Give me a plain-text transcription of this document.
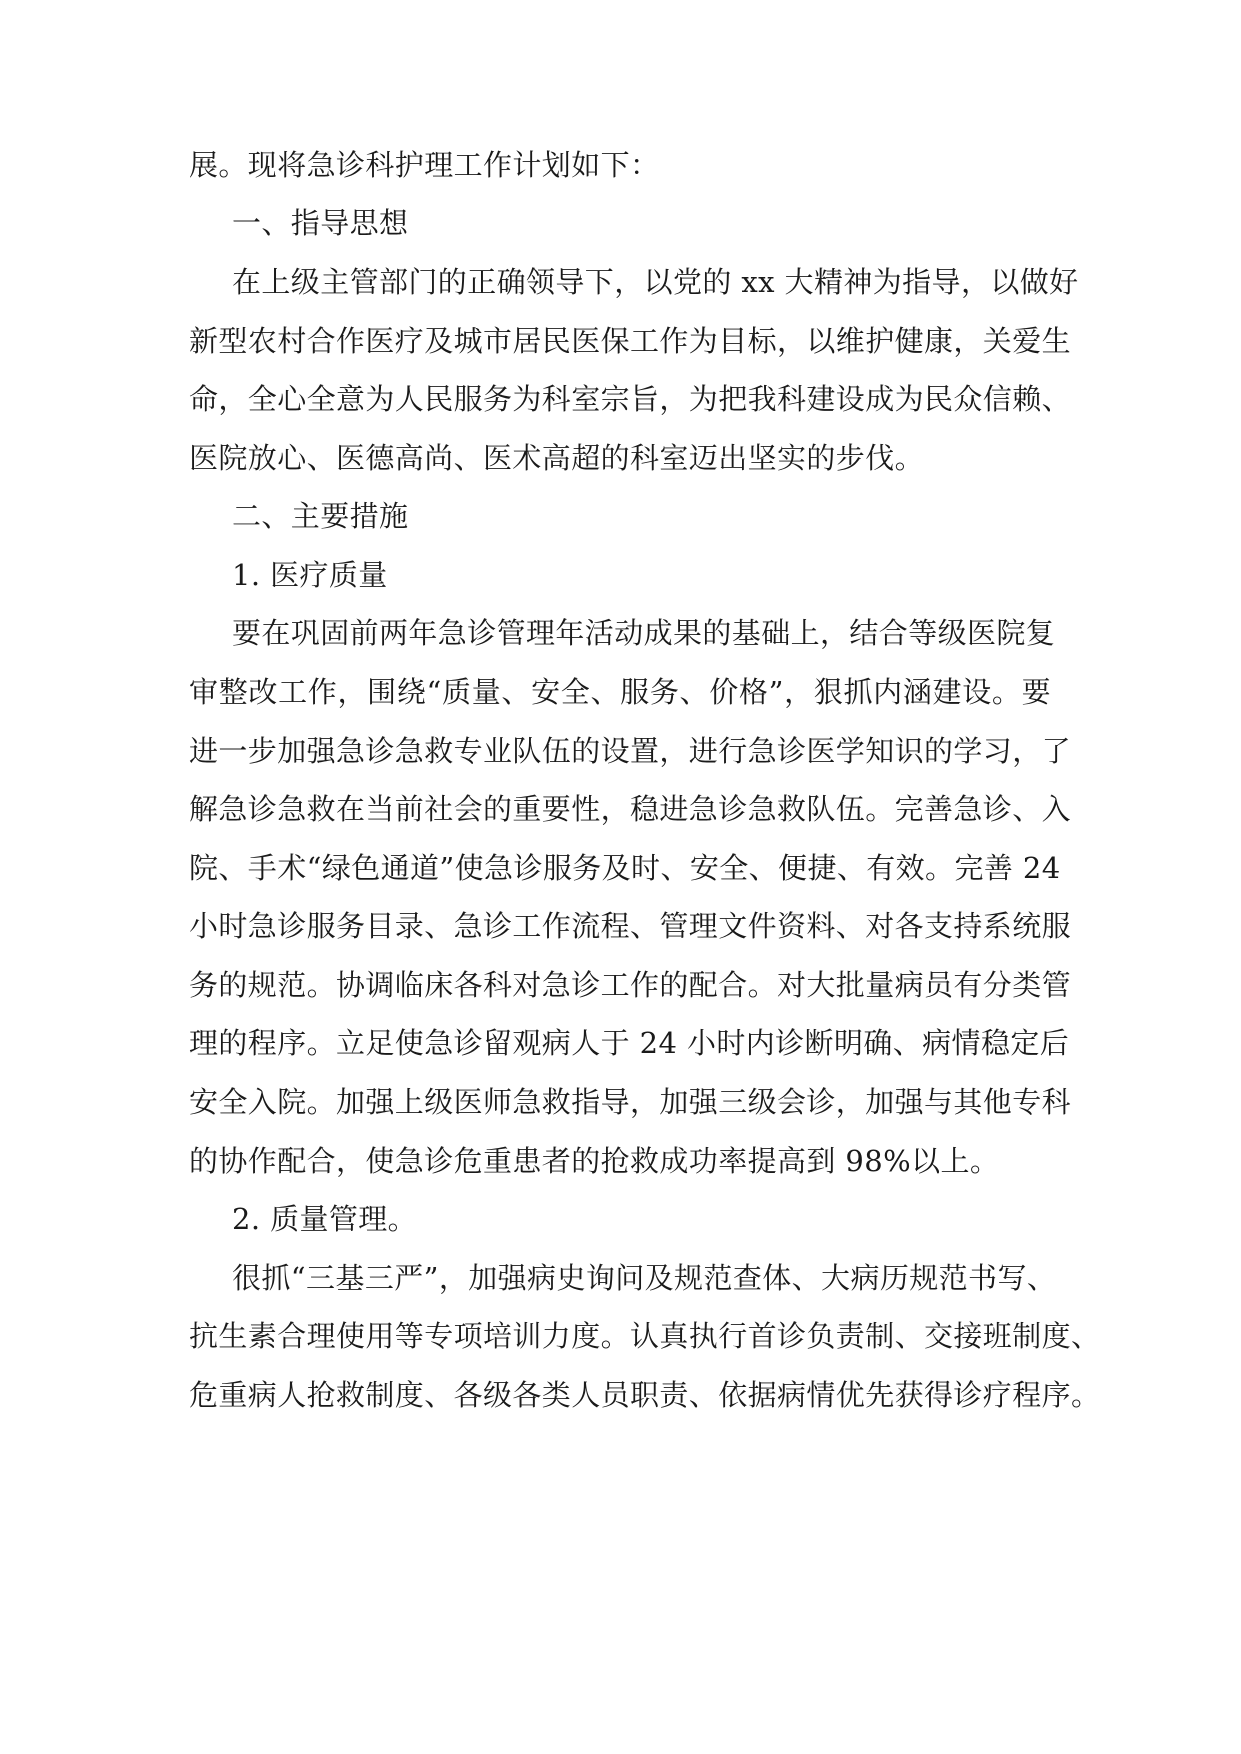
展。现将急诊科护理工作计划如下：
一、指导思想
在上级主管部门的正确领导下，以党的 xx 大精神为指导，以做好
新型农村合作医疗及城市居民医保工作为目标，以维护健康，关爱生
命，全心全意为人民服务为科室宗旨，为把我科建设成为民众信赖、
医院放心、医德高尚、医术高超的科室迈出坚实的步伐。
二、主要措施
1. 医疗质量
要在巩固前两年急诊管理年活动成果的基础上，结合等级医院复
审整改工作，围绕“质量、安全、服务、价格”，狠抓内涵建设。要
进一步加强急诊急救专业队伍的设置，进行急诊医学知识的学习，了
解急诊急救在当前社会的重要性，稳进急诊急救队伍。完善急诊、入
院、手术“绿色通道”使急诊服务及时、安全、便捷、有效。完善 24
小时急诊服务目录、急诊工作流程、管理文件资料、对各支持系统服
务的规范。协调临床各科对急诊工作的配合。对大批量病员有分类管
理的程序。立足使急诊留观病人于 24 小时内诊断明确、病情稳定后
安全入院。加强上级医师急救指导，加强三级会诊，加强与其他专科
的协作配合，使急诊危重患者的抢救成功率提高到 98%以上。
2. 质量管理。
很抓“三基三严”，加强病史询问及规范查体、大病历规范书写、
抗生素合理使用等专项培训力度。认真执行首诊负责制、交接班制度、
危重病人抢救制度、各级各类人员职责、依据病情优先获得诊疗程序。
